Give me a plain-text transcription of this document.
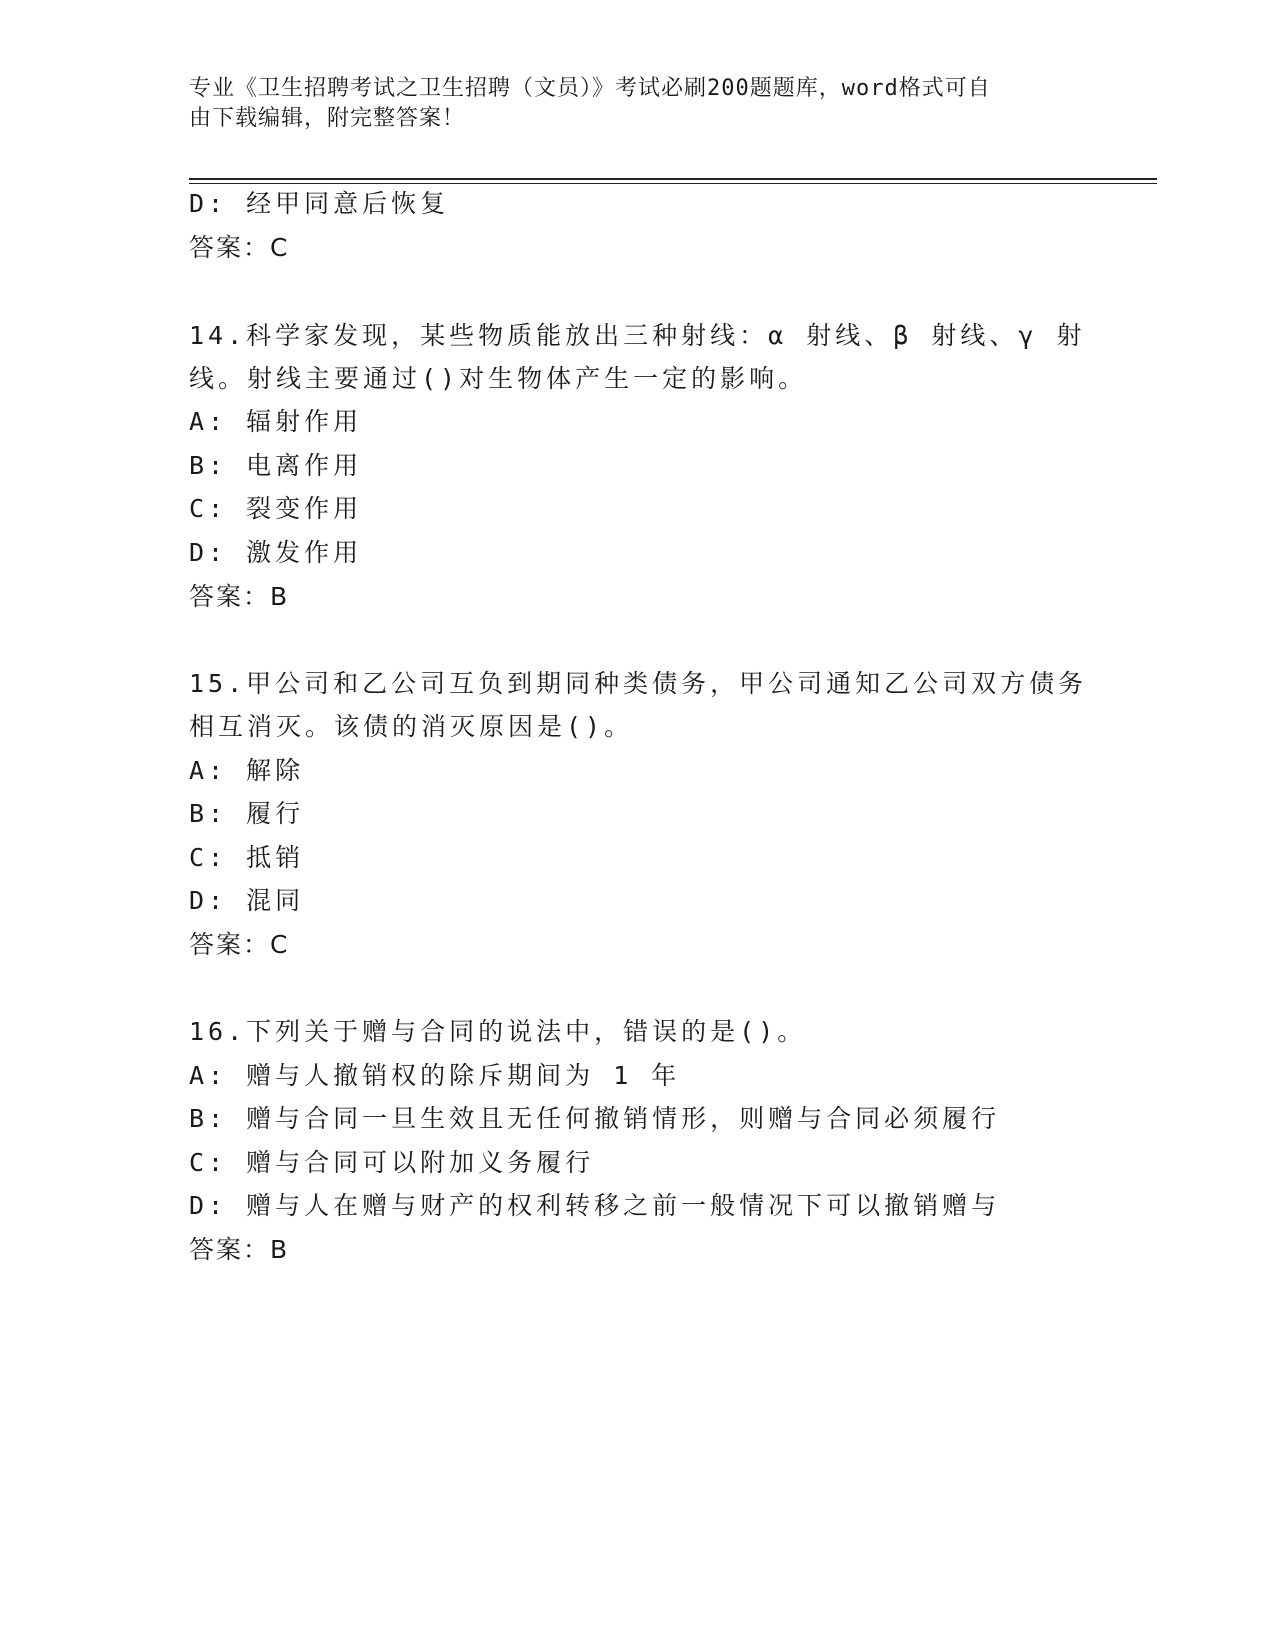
专业《卫生招聘考试之卫生招聘（文员）》考试必刷200题题库，word格式可自
由下载编辑，附完整答案！
D: 经甲同意后恢复
答案：C
14.科学家发现，某些物质能放出三种射线：α 射线、β 射线、γ 射
线。射线主要通过()对生物体产生一定的影响。
A: 辐射作用
B: 电离作用
C: 裂变作用
D: 激发作用
答案：B
15.甲公司和乙公司互负到期同种类债务，甲公司通知乙公司双方债务
相互消灭。该债的消灭原因是()。
A: 解除
B: 履行
C: 抵销
D: 混同
答案：C
16.下列关于赠与合同的说法中，错误的是()。
A: 赠与人撤销权的除斥期间为 1 年
B: 赠与合同一旦生效且无任何撤销情形，则赠与合同必须履行
C: 赠与合同可以附加义务履行
D: 赠与人在赠与财产的权利转移之前一般情况下可以撤销赠与
答案：B
